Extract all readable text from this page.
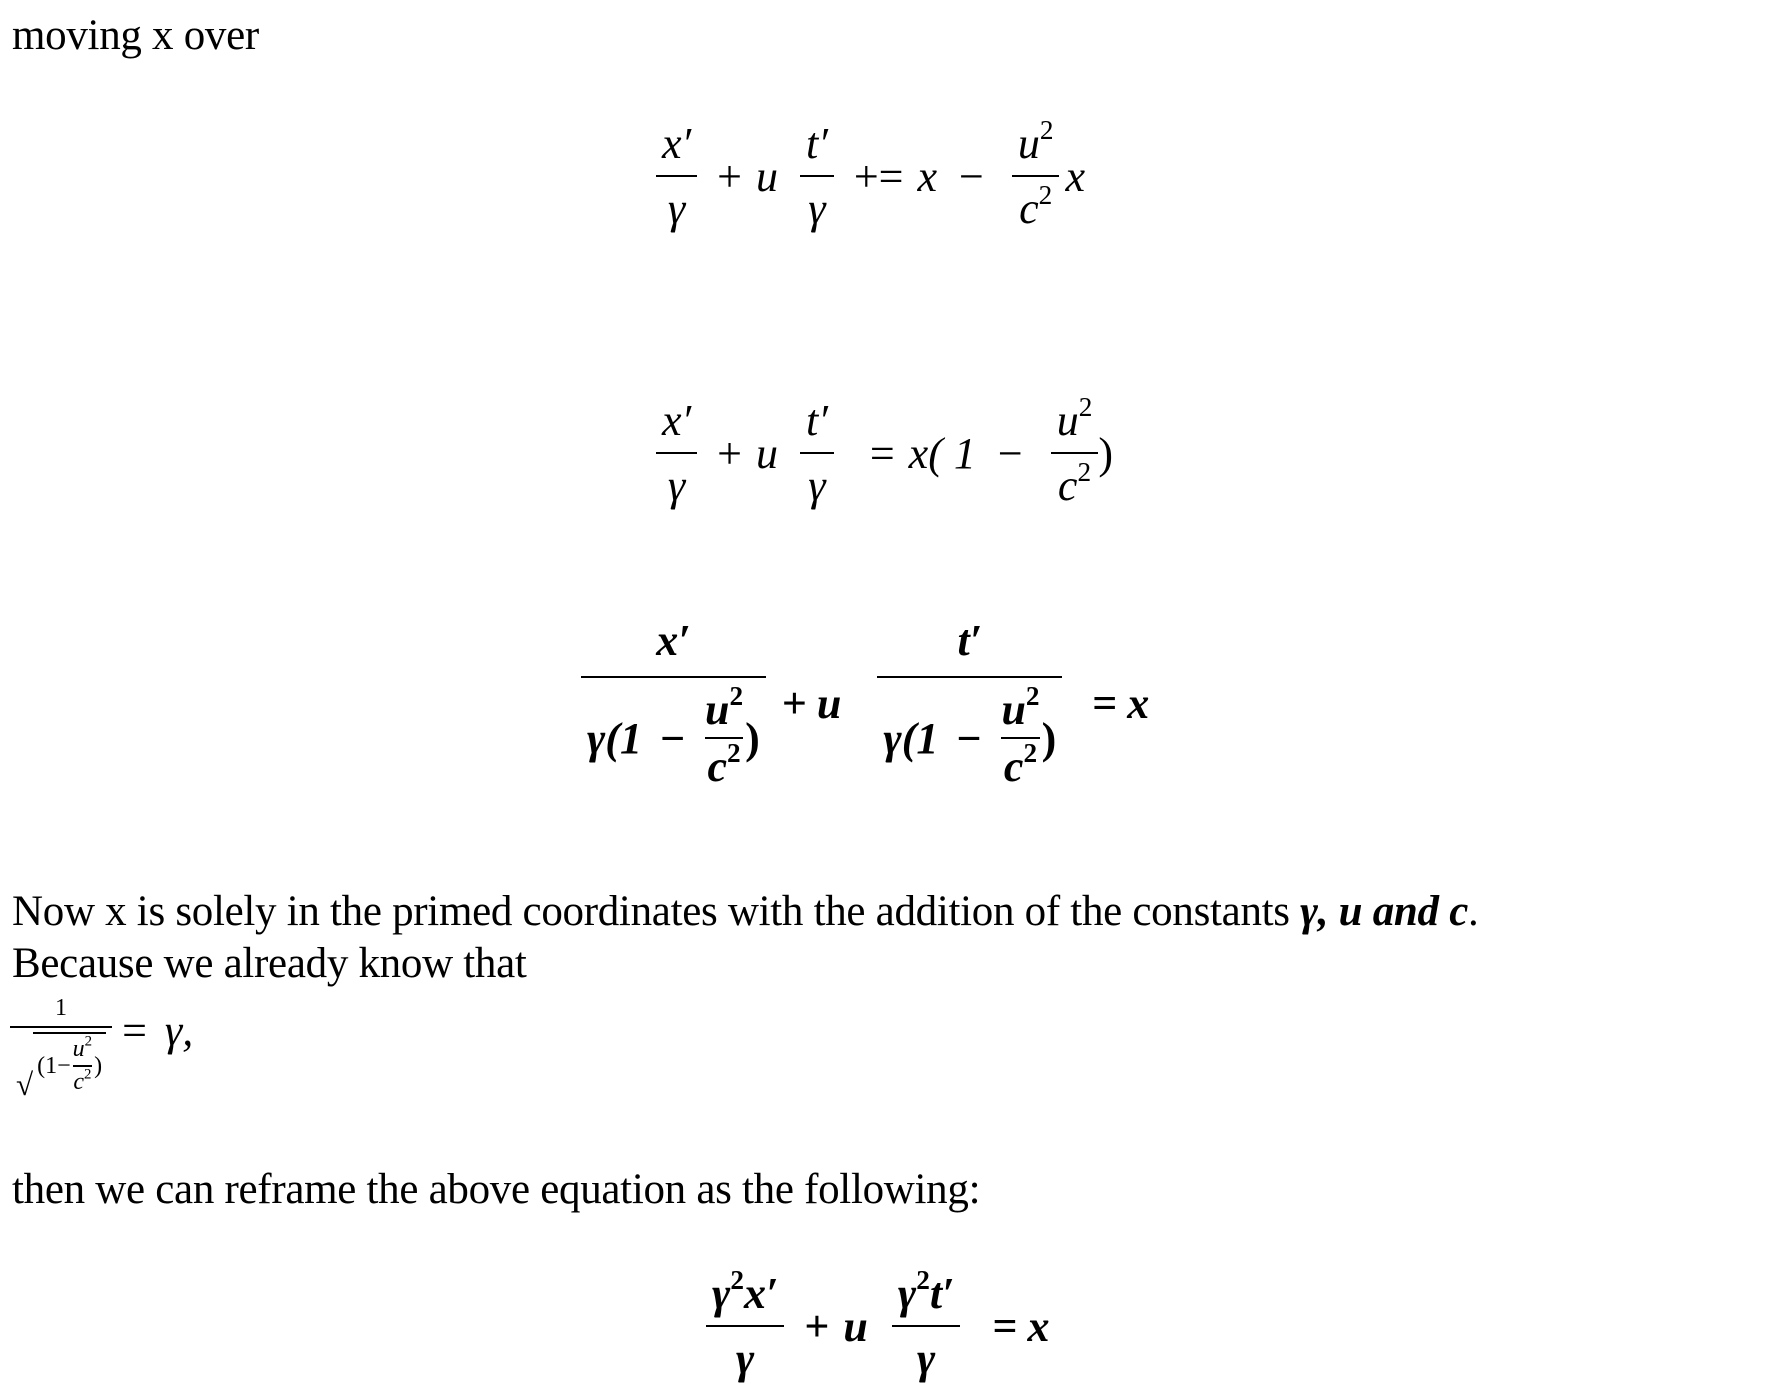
moving x over
$\frac{x'}{\gamma} + u \frac{t'}{\gamma} += x - \frac{u^2}{c^2}$ x
$\frac{x'}{\gamma} + u \frac{t'}{\gamma} = x$( $1 - \frac{u^2}{c^2}$ )
x′
$\gamma(1 - \frac{u^2}{c^2}$ )
+ u
t′
$\gamma(1 - \frac{u^2}{c^2}$ )
= x
Now x is solely in the primed coordinates with the addition of the constants γ, u and c.
Because we already know that
1
√
($1- \frac{u^2}{c^2}$ )
= γ,
then we can reframe the above equation as the following:
$\frac{\gamma^2x'}{\gamma} + u \frac{\gamma^2t'}{\gamma} = x$
